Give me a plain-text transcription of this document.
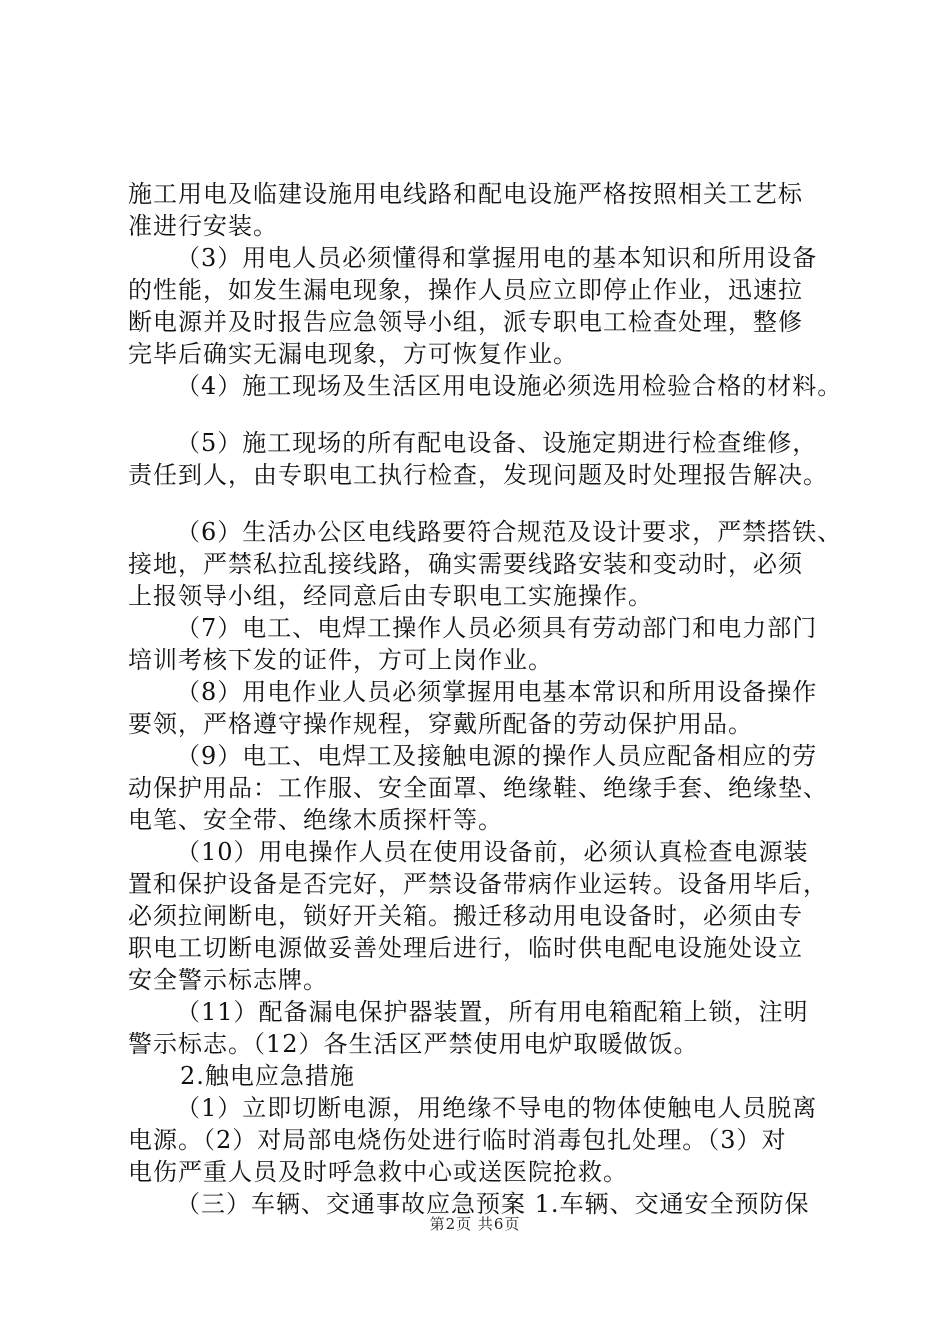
施工用电及临建设施用电线路和配电设施严格按照相关工艺标
准进行安装。
（3）用电人员必须懂得和掌握用电的基本知识和所用设备
的性能，如发生漏电现象，操作人员应立即停止作业，迅速拉
断电源并及时报告应急领导小组，派专职电工检查处理，整修
完毕后确实无漏电现象，方可恢复作业。
（4）施工现场及生活区用电设施必须选用检验合格的材料。
（5）施工现场的所有配电设备、设施定期进行检查维修，
责任到人，由专职电工执行检查，发现问题及时处理报告解决。
（6）生活办公区电线路要符合规范及设计要求，严禁搭铁、
接地，严禁私拉乱接线路，确实需要线路安装和变动时，必须
上报领导小组，经同意后由专职电工实施操作。
（7）电工、电焊工操作人员必须具有劳动部门和电力部门
培训考核下发的证件，方可上岗作业。
（8）用电作业人员必须掌握用电基本常识和所用设备操作
要领，严格遵守操作规程，穿戴所配备的劳动保护用品。
（9）电工、电焊工及接触电源的操作人员应配备相应的劳
动保护用品：工作服、安全面罩、绝缘鞋、绝缘手套、绝缘垫、
电笔、安全带、绝缘木质探杆等。
（10）用电操作人员在使用设备前，必须认真检查电源装
置和保护设备是否完好，严禁设备带病作业运转。设备用毕后，
必须拉闸断电，锁好开关箱。搬迁移动用电设备时，必须由专
职电工切断电源做妥善处理后进行，临时供电配电设施处设立
安全警示标志牌。
（11）配备漏电保护器装置，所有用电箱配箱上锁，注明
警示标志。（12）各生活区严禁使用电炉取暖做饭。
2.触电应急措施
（1）立即切断电源，用绝缘不导电的物体使触电人员脱离
电源。（2）对局部电烧伤处进行临时消毒包扎处理。（3）对
电伤严重人员及时呼急救中心或送医院抢救。
（三）车辆、交通事故应急预案 1.车辆、交通安全预防保
第2页 共6页
